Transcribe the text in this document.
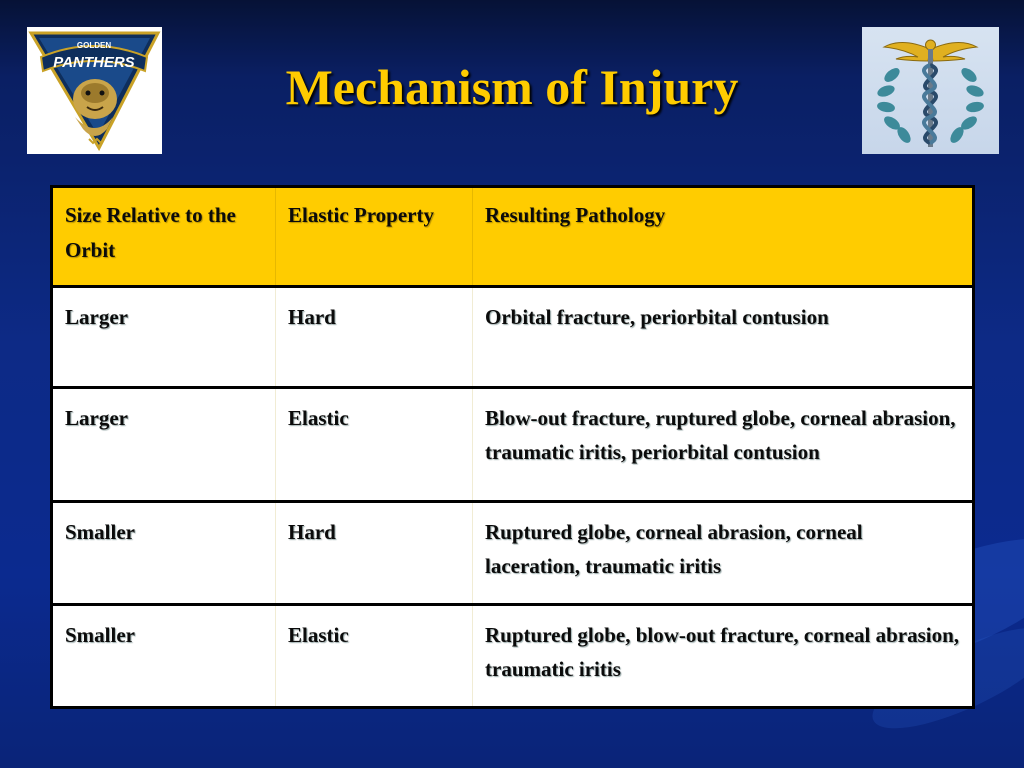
GOLDEN
PANTHERS	Mechanism of Injury
Size Relative to the Orbit	Elastic Property	Resulting Pathology
Larger	Hard	Orbital fracture, periorbital contusion
Larger	Elastic	Blow-out fracture, ruptured globe, corneal abrasion, traumatic iritis, periorbital contusion
Smaller	Hard	Ruptured globe, corneal abrasion, corneal laceration, traumatic iritis
Smaller	Elastic	Ruptured globe, blow-out fracture, corneal abrasion, traumatic iritis
